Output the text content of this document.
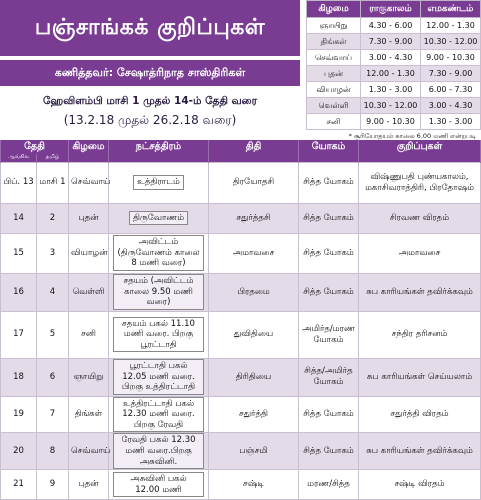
பஞ்சாங்கக் குறிப்புகள்
கணித்தவர்: சேஷாத்ரிநாத சாஸ்திரிகள்
ஹேவிளம்பி மாசி 1 முதல் 14-ம் தேதி வரை
(13.2.18 முதல் 26.2.18 வரை)
கிழமை	ராகுகாலம்	எமகண்டம்
ஞாயிறு	4.30 - 6.00	12.00 - 1.30
திங்கள்	7.30 - 9.00	10.30 - 12.00
செவ்வாய்	3.00 - 4.30	9.00 - 10.30
புதன்	12.00 - 1.30	7.30 - 9.00
வியாழன்	1.30 - 3.00	6.00 - 7.30
வெள்ளி	10.30 - 12.00	3.00 - 4.30
சனி	9.00 - 10.30	1.30 - 3.00
* சூரியோதயம் காலை 6.00 மணி என்றபடி
தேதி		கிழமை	நட்சத்திரம்	திதி	யோகம்	குறிப்புகள்
ஆங்கில	தமிழ்					
பிப். 13	மாசி 1	செவ்வாய்	உத்திராடம்	திரயோதசி	சித்த யோகம்	விஷ்ணுபதி புண்யகாலம், மகாசிவராத்திரி, பிரதோஷம்
14	2	புதன்	திருவோணம்	சதுர்த்தசி	சித்த யோகம்	சிரவண விரதம்
15	3	வியாழன்	அவிட்டம் (திருவோணம் காலை 8 மணி வரை)	அமாவசை	சித்த யோகம்	அமாவசை
16	4	வெள்ளி	சதயம் (அவிட்டம் காலை 9.50 மணி வரை)	பிரதமை	சித்த யோகம்	சுப காரியங்கள் தவிர்க்கவும்
17	5	சனி	சதயம் பகல் 11.10 மணி வரை. பிறகு பூரட்டாதி	துவிதியை	அமிர்த/மரண யோகம்	சந்திர தரிசனம்
18	6	ஞாயிறு	பூரட்டாதி பகல் 12.05 மணி வரை. பிறகு உத்திரட்டாதி	திரிதியை	சித்த/அமிர்த யோகம்	சுப காரியங்கள் செய்யலாம்
19	7	திங்கள்	உத்திரட்டாதி பகல் 12.30 மணி வரை. பிறகு ரேவதி	சதுர்த்தி	சித்த யோகம்	சதுர்த்தி விரதம்
20	8	செவ்வாய்	ரேவதி பகல் 12.30 மணி வரை.பிறகு அசுவினி.	பஞ்சமி	சித்த யோகம்	சுப காரியங்கள் தவிர்க்கவும்
21	9	புதன்	அசுவினி பகல் 12.00 மணி	சஷ்டி	மரண/சித்த	சஷ்டி விரதம்
